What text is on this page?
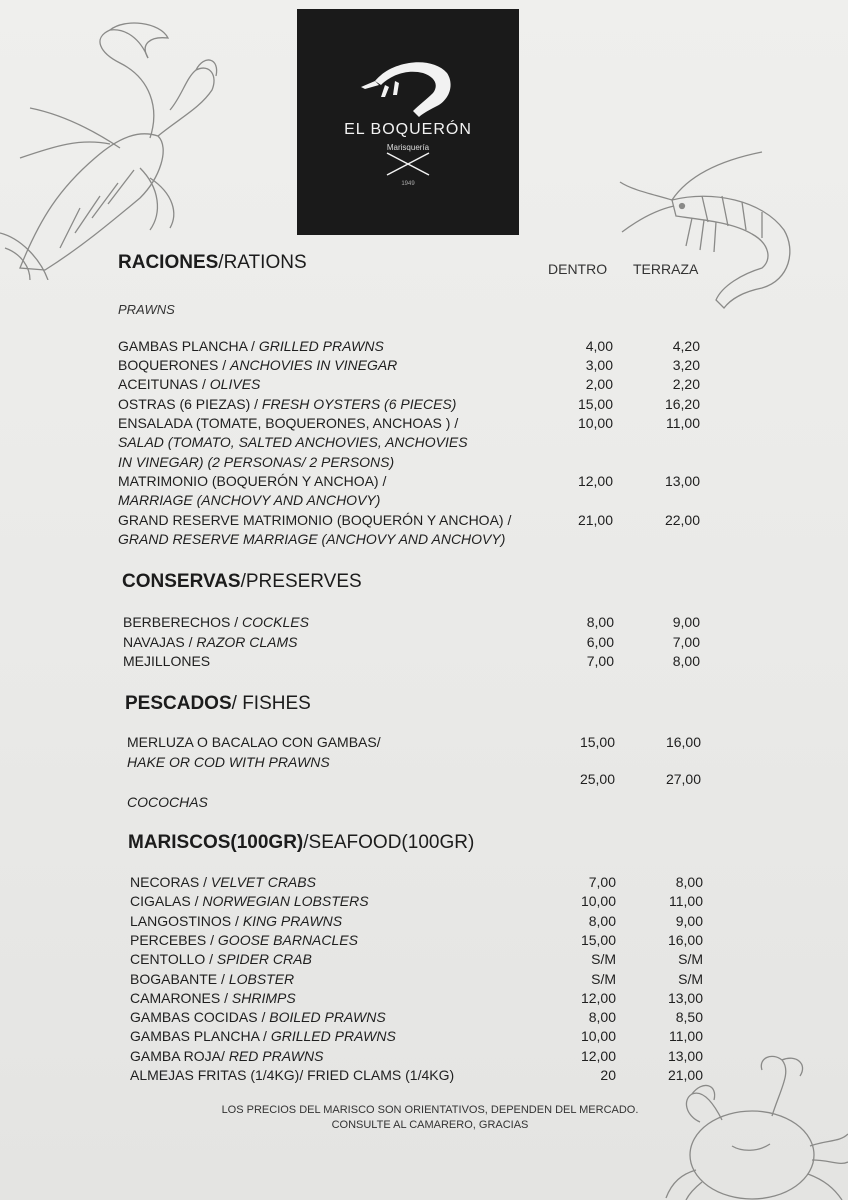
EL BOQUERÓN
Marisquería
1949

RACIONES/RATIONS	DENTRO TERRAZA
PRAWNS
GAMBAS PLANCHA / GRILLED PRAWNS	4,00	4,20
BOQUERONES / ANCHOVIES IN VINEGAR	3,00	3,20
ACEITUNAS / OLIVES	2,00	2,20
OSTRAS (6 PIEZAS) / FRESH OYSTERS (6 PIECES)	15,00	16,20
ENSALADA (TOMATE, BOQUERONES, ANCHOAS ) /	10,00	11,00
SALAD (TOMATO, SALTED ANCHOVIES, ANCHOVIES
IN VINEGAR) (2 PERSONAS/ 2 PERSONS)
MATRIMONIO (BOQUERÓN Y ANCHOA) /	12,00	13,00
MARRIAGE (ANCHOVY AND ANCHOVY)
GRAND RESERVE MATRIMONIO (BOQUERÓN Y ANCHOA) /	21,00	22,00
GRAND RESERVE MARRIAGE (ANCHOVY AND ANCHOVY)
CONSERVAS/PRESERVES
BERBERECHOS / COCKLES	8,00	9,00
NAVAJAS / RAZOR CLAMS	6,00	7,00
MEJILLONES	7,00	8,00
PESCADOS/ FISHES
MERLUZA O BACALAO CON GAMBAS/	15,00	16,00
HAKE OR COD WITH PRAWNS
25,00	27,00
COCOCHAS
MARISCOS(100GR)/SEAFOOD(100GR)
NECORAS / VELVET CRABS	7,00	8,00
CIGALAS / NORWEGIAN LOBSTERS	10,00	11,00
LANGOSTINOS / KING PRAWNS	8,00	9,00
PERCEBES / GOOSE BARNACLES	15,00	16,00
CENTOLLO / SPIDER CRAB	S/M	S/M
BOGABANTE / LOBSTER	S/M	S/M
CAMARONES / SHRIMPS	12,00	13,00
GAMBAS COCIDAS / BOILED PRAWNS	8,00	8,50
GAMBAS PLANCHA / GRILLED PRAWNS	10,00	11,00
GAMBA ROJA/ RED PRAWNS	12,00	13,00
ALMEJAS FRITAS (1/4KG)/ FRIED CLAMS (1/4KG)	20	21,00
LOS PRECIOS DEL MARISCO SON ORIENTATIVOS, DEPENDEN DEL MERCADO.
CONSULTE AL CAMARERO, GRACIAS
